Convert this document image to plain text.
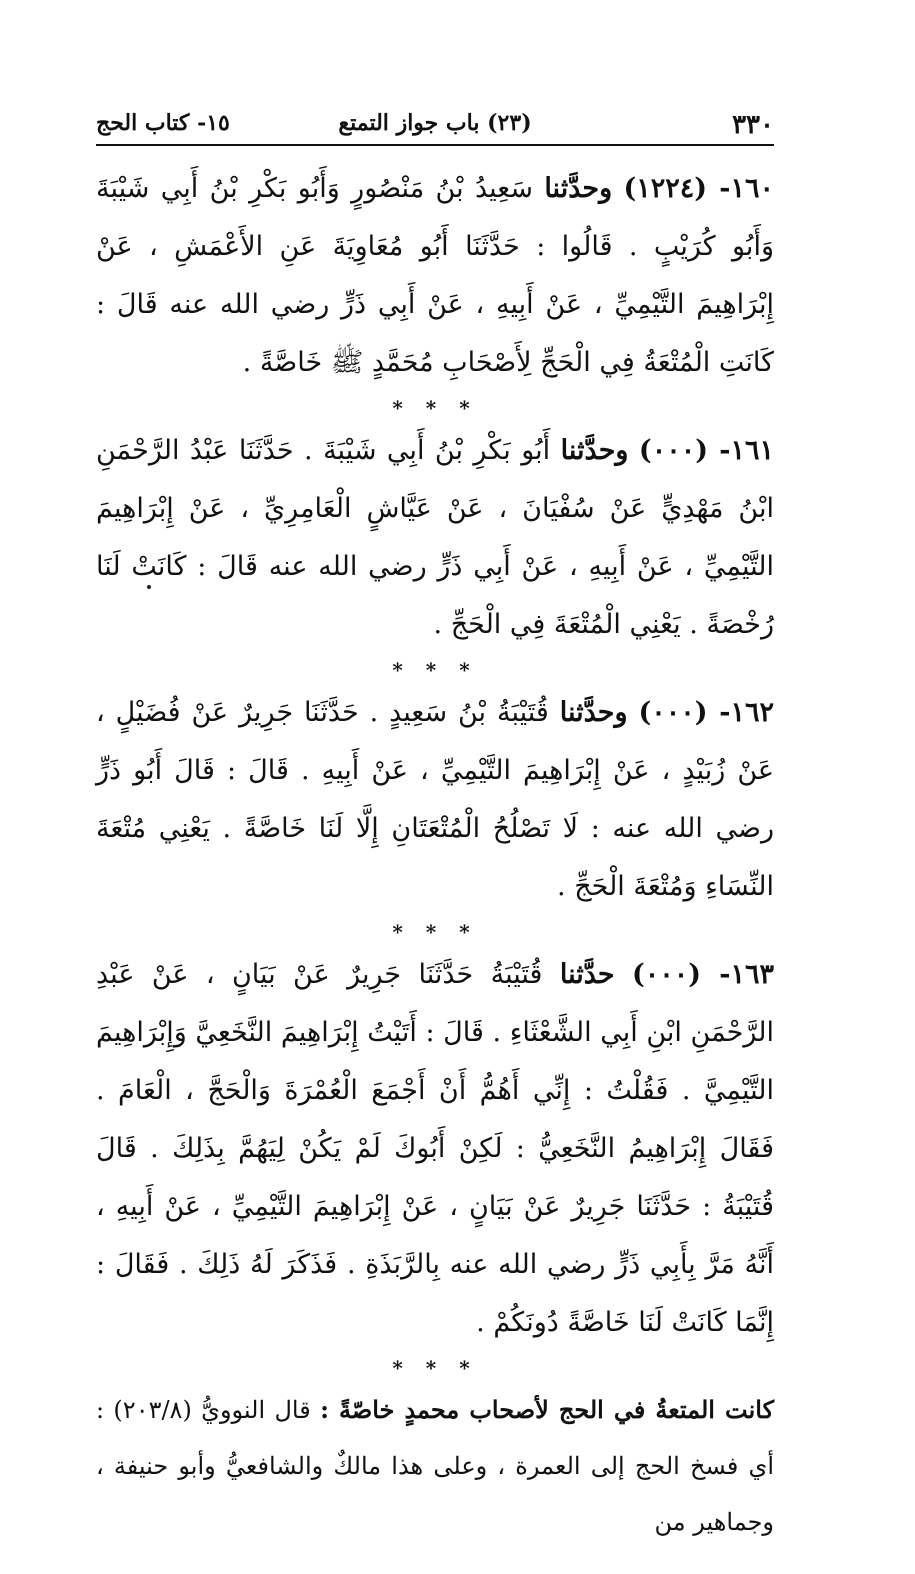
٣٣٠
(٢٣) باب جواز التمتع
١٥- كتاب الحج

١٦٠- (١٢٢٤) وحدَّثنا سَعِيدُ بْنُ مَنْصُورٍ وَأَبُو بَكْرِ بْنُ أَبِي شَيْبَةَ وَأَبُو كُرَيْبٍ . قَالُوا : حَدَّثَنَا أَبُو مُعَاوِيَةَ عَنِ الأَعْمَشِ ، عَنْ إِبْرَاهِيمَ التَّيْمِيِّ ، عَنْ أَبِيهِ ، عَنْ أَبِي ذَرٍّ رضي الله عنه قَالَ : كَانَتِ الْمُتْعَةُ فِي الْحَجِّ لِأَصْحَابِ مُحَمَّدٍ ﷺ خَاصَّةً .

* * *

١٦١- (٠٠٠) وحدَّثنا أَبُو بَكْرِ بْنُ أَبِي شَيْبَةَ . حَدَّثَنَا عَبْدُ الرَّحْمَنِ ابْنُ مَهْدِيٍّ عَنْ سُفْيَانَ ، عَنْ عَيَّاشٍ الْعَامِرِيِّ ، عَنْ إِبْرَاهِيمَ التَّيْمِيِّ ، عَنْ أَبِيهِ ، عَنْ أَبِي ذَرٍّ رضي الله عنه قَالَ : كَانَتْ لَنَا رُخْصَةً . يَعْنِي الْمُتْعَةَ فِي الْحَجِّ .

* * *

١٦٢- (٠٠٠) وحدَّثنا قُتَيْبَةُ بْنُ سَعِيدٍ . حَدَّثَنَا جَرِيرٌ عَنْ فُضَيْلٍ ، عَنْ زُبَيْدٍ ، عَنْ إِبْرَاهِيمَ التَّيْمِيِّ ، عَنْ أَبِيهِ . قَالَ : قَالَ أَبُو ذَرٍّ رضي الله عنه : لَا تَصْلُحُ الْمُتْعَتَانِ إِلَّا لَنَا خَاصَّةً . يَعْنِي مُتْعَةَ النِّسَاءِ وَمُتْعَةَ الْحَجِّ .

* * *

١٦٣- (٠٠٠) حدَّثنا قُتَيْبَةُ حَدَّثَنَا جَرِيرٌ عَنْ بَيَانٍ ، عَنْ عَبْدِ الرَّحْمَنِ ابْنِ أَبِي الشَّعْثَاءِ . قَالَ : أَتَيْتُ إِبْرَاهِيمَ النَّخَعِيَّ وَإِبْرَاهِيمَ التَّيْمِيَّ . فَقُلْتُ : إِنِّي أَهُمُّ أَنْ أَجْمَعَ الْعُمْرَةَ وَالْحَجَّ ، الْعَامَ . فَقَالَ إِبْرَاهِيمُ النَّخَعِيُّ : لَكِنْ أَبُوكَ لَمْ يَكُنْ لِيَهُمَّ بِذَلِكَ . قَالَ قُتَيْبَةُ : حَدَّثَنَا جَرِيرٌ عَنْ بَيَانٍ ، عَنْ إِبْرَاهِيمَ التَّيْمِيِّ ، عَنْ أَبِيهِ ، أَنَّهُ مَرَّ بِأَبِي ذَرٍّ رضي الله عنه بِالرَّبَذَةِ . فَذَكَرَ لَهُ ذَلِكَ . فَقَالَ : إِنَّمَا كَانَتْ لَنَا خَاصَّةً دُونَكُمْ .

* * *

كانت المتعةُ في الحج لأصحاب محمدٍ خاصّةً : قال النوويُّ (٢٠٣/٨) : أي فسخ الحج إلى العمرة ، وعلى هذا مالكٌ والشافعيُّ وأبو حنيفة ، وجماهير من
